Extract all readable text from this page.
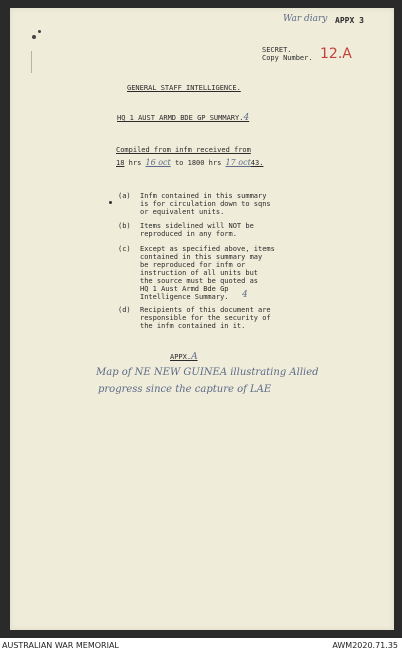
War diary APPX 3
SECRET.
Copy Number. 12.A
GENERAL STAFF INTELLIGENCE.
HQ 1 AUST ARMD BDE GP SUMMARY.4
Compiled from infm received from
18 hrs 16 oct to 1800 hrs 17 oct43.
(a) Infm contained in this summary
is for circulation down to sqns
or equivalent units.
(b) Items sidelined will NOT be
reproduced in any form.
(c) Except as specified above, items
contained in this summary may
be reproduced for infm or
instruction of all units but
the source must be quoted as
HQ 1 Aust Armd Bde Gp
Intelligence Summary.	4
(d) Recipients of this document are
responsible for the security of
the infm contained in it.
APPX.A
Map of NE NEW GUINEA illustrating Allied
progress since the capture of LAE
AUSTRALIAN WAR MEMORIAL	AWM2020.71.35
